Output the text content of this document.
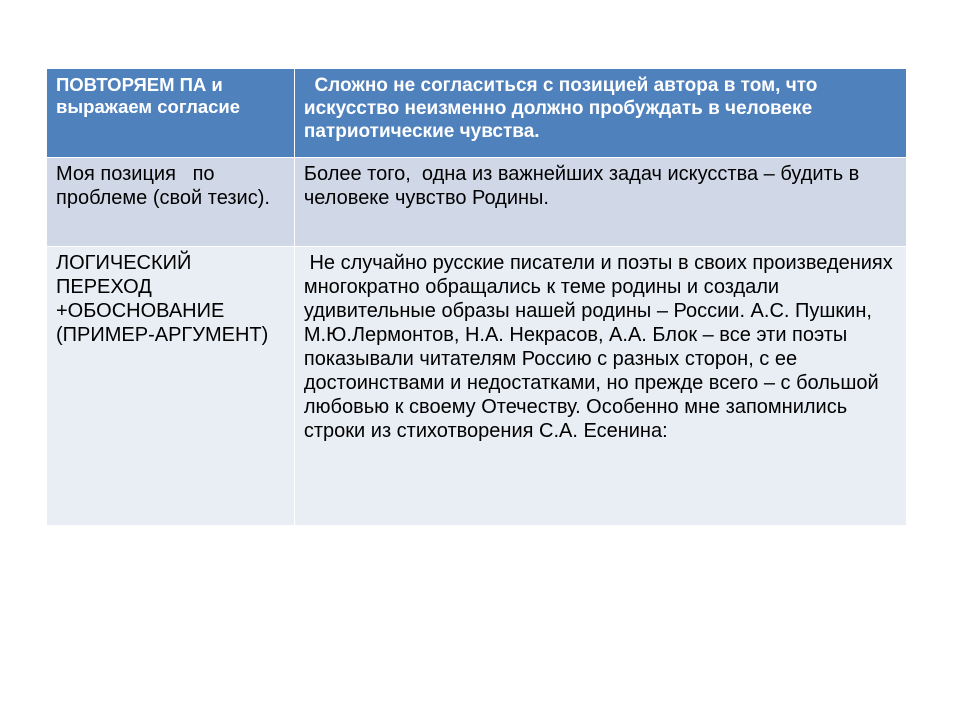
ПОВТОРЯЕМ ПА и выражаем согласие	Сложно не согласиться с позицией автора в том, что искусство неизменно должно пробуждать в человеке патриотические чувства.
Моя позиция   по проблеме (свой тезис).	Более того,  одна из важнейших задач искусства – будить в человеке чувство Родины.
ЛОГИЧЕСКИЙ ПЕРЕХОД +ОБОСНОВАНИЕ (ПРИМЕР-АРГУМЕНТ)	Не случайно русские писатели и поэты в своих произведениях многократно обращались к теме родины и создали удивительные образы нашей родины – России. А.С. Пушкин, М.Ю.Лермонтов, Н.А. Некрасов, А.А. Блок – все эти поэты показывали читателям Россию с разных сторон, с ее достоинствами и недостатками, но прежде всего – с большой любовью к своему Отечеству. Особенно мне запомнились строки из стихотворения С.А. Есенина:
